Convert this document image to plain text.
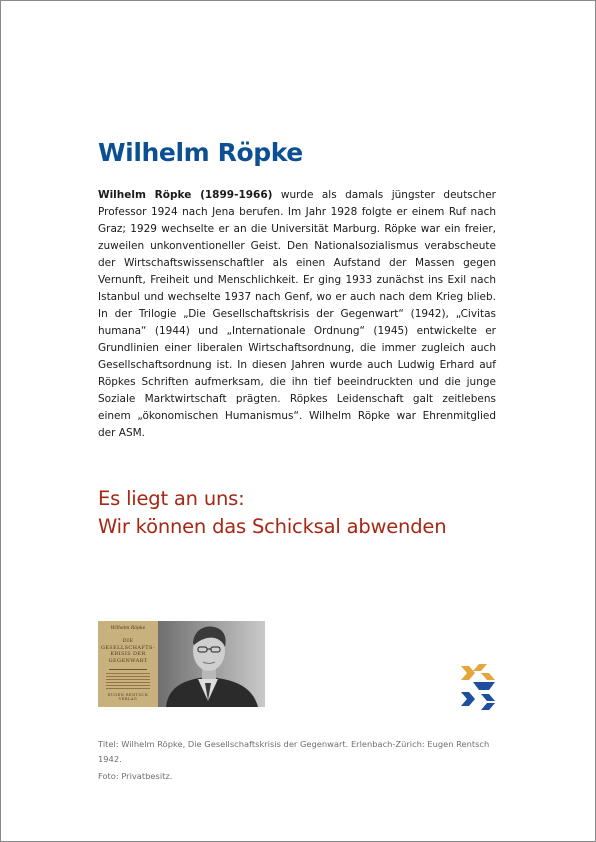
Wilhelm Röpke

Wilhelm Röpke (1899-1966) wurde als damals jüngster deutscher Professor 1924 nach Jena berufen. Im Jahr 1928 folgte er einem Ruf nach Graz; 1929 wechselte er an die Universität Marburg. Röpke war ein freier, zuweilen unkonventioneller Geist. Den Nationalsozialismus verabscheute der Wirtschaftswissenschaftler als einen Aufstand der Massen gegen Vernunft, Freiheit und Menschlichkeit. Er ging 1933 zunächst ins Exil nach Istanbul und wechselte 1937 nach Genf, wo er auch nach dem Krieg blieb. In der Trilogie „Die Gesellschaftskrisis der Gegenwart“ (1942), „Civitas humana“ (1944) und „Internationale Ordnung“ (1945) entwickelte er Grundlinien einer liberalen Wirtschaftsordnung, die immer zugleich auch Gesellschaftsordnung ist. In diesen Jahren wurde auch Ludwig Erhard auf Röpkes Schriften aufmerksam, die ihn tief beeindruckten und die junge Soziale Marktwirtschaft prägten. Röpkes Leidenschaft galt zeitlebens einem „ökonomischen Humanismus“. Wilhelm Röpke war Ehrenmitglied der ASM.

Es liegt an uns:
Wir können das Schicksal abwenden
Wilhelm Röpke
DIE
GESELLSCHAFTS-
KRISIS DER
GEGENWART
EUGEN RENTSCH VERLAG

Titel: Wilhelm Röpke, Die Gesellschaftskrisis der Gegenwart. Erlenbach-Zürich: Eugen Rentsch 1942.

Foto: Privatbesitz.
